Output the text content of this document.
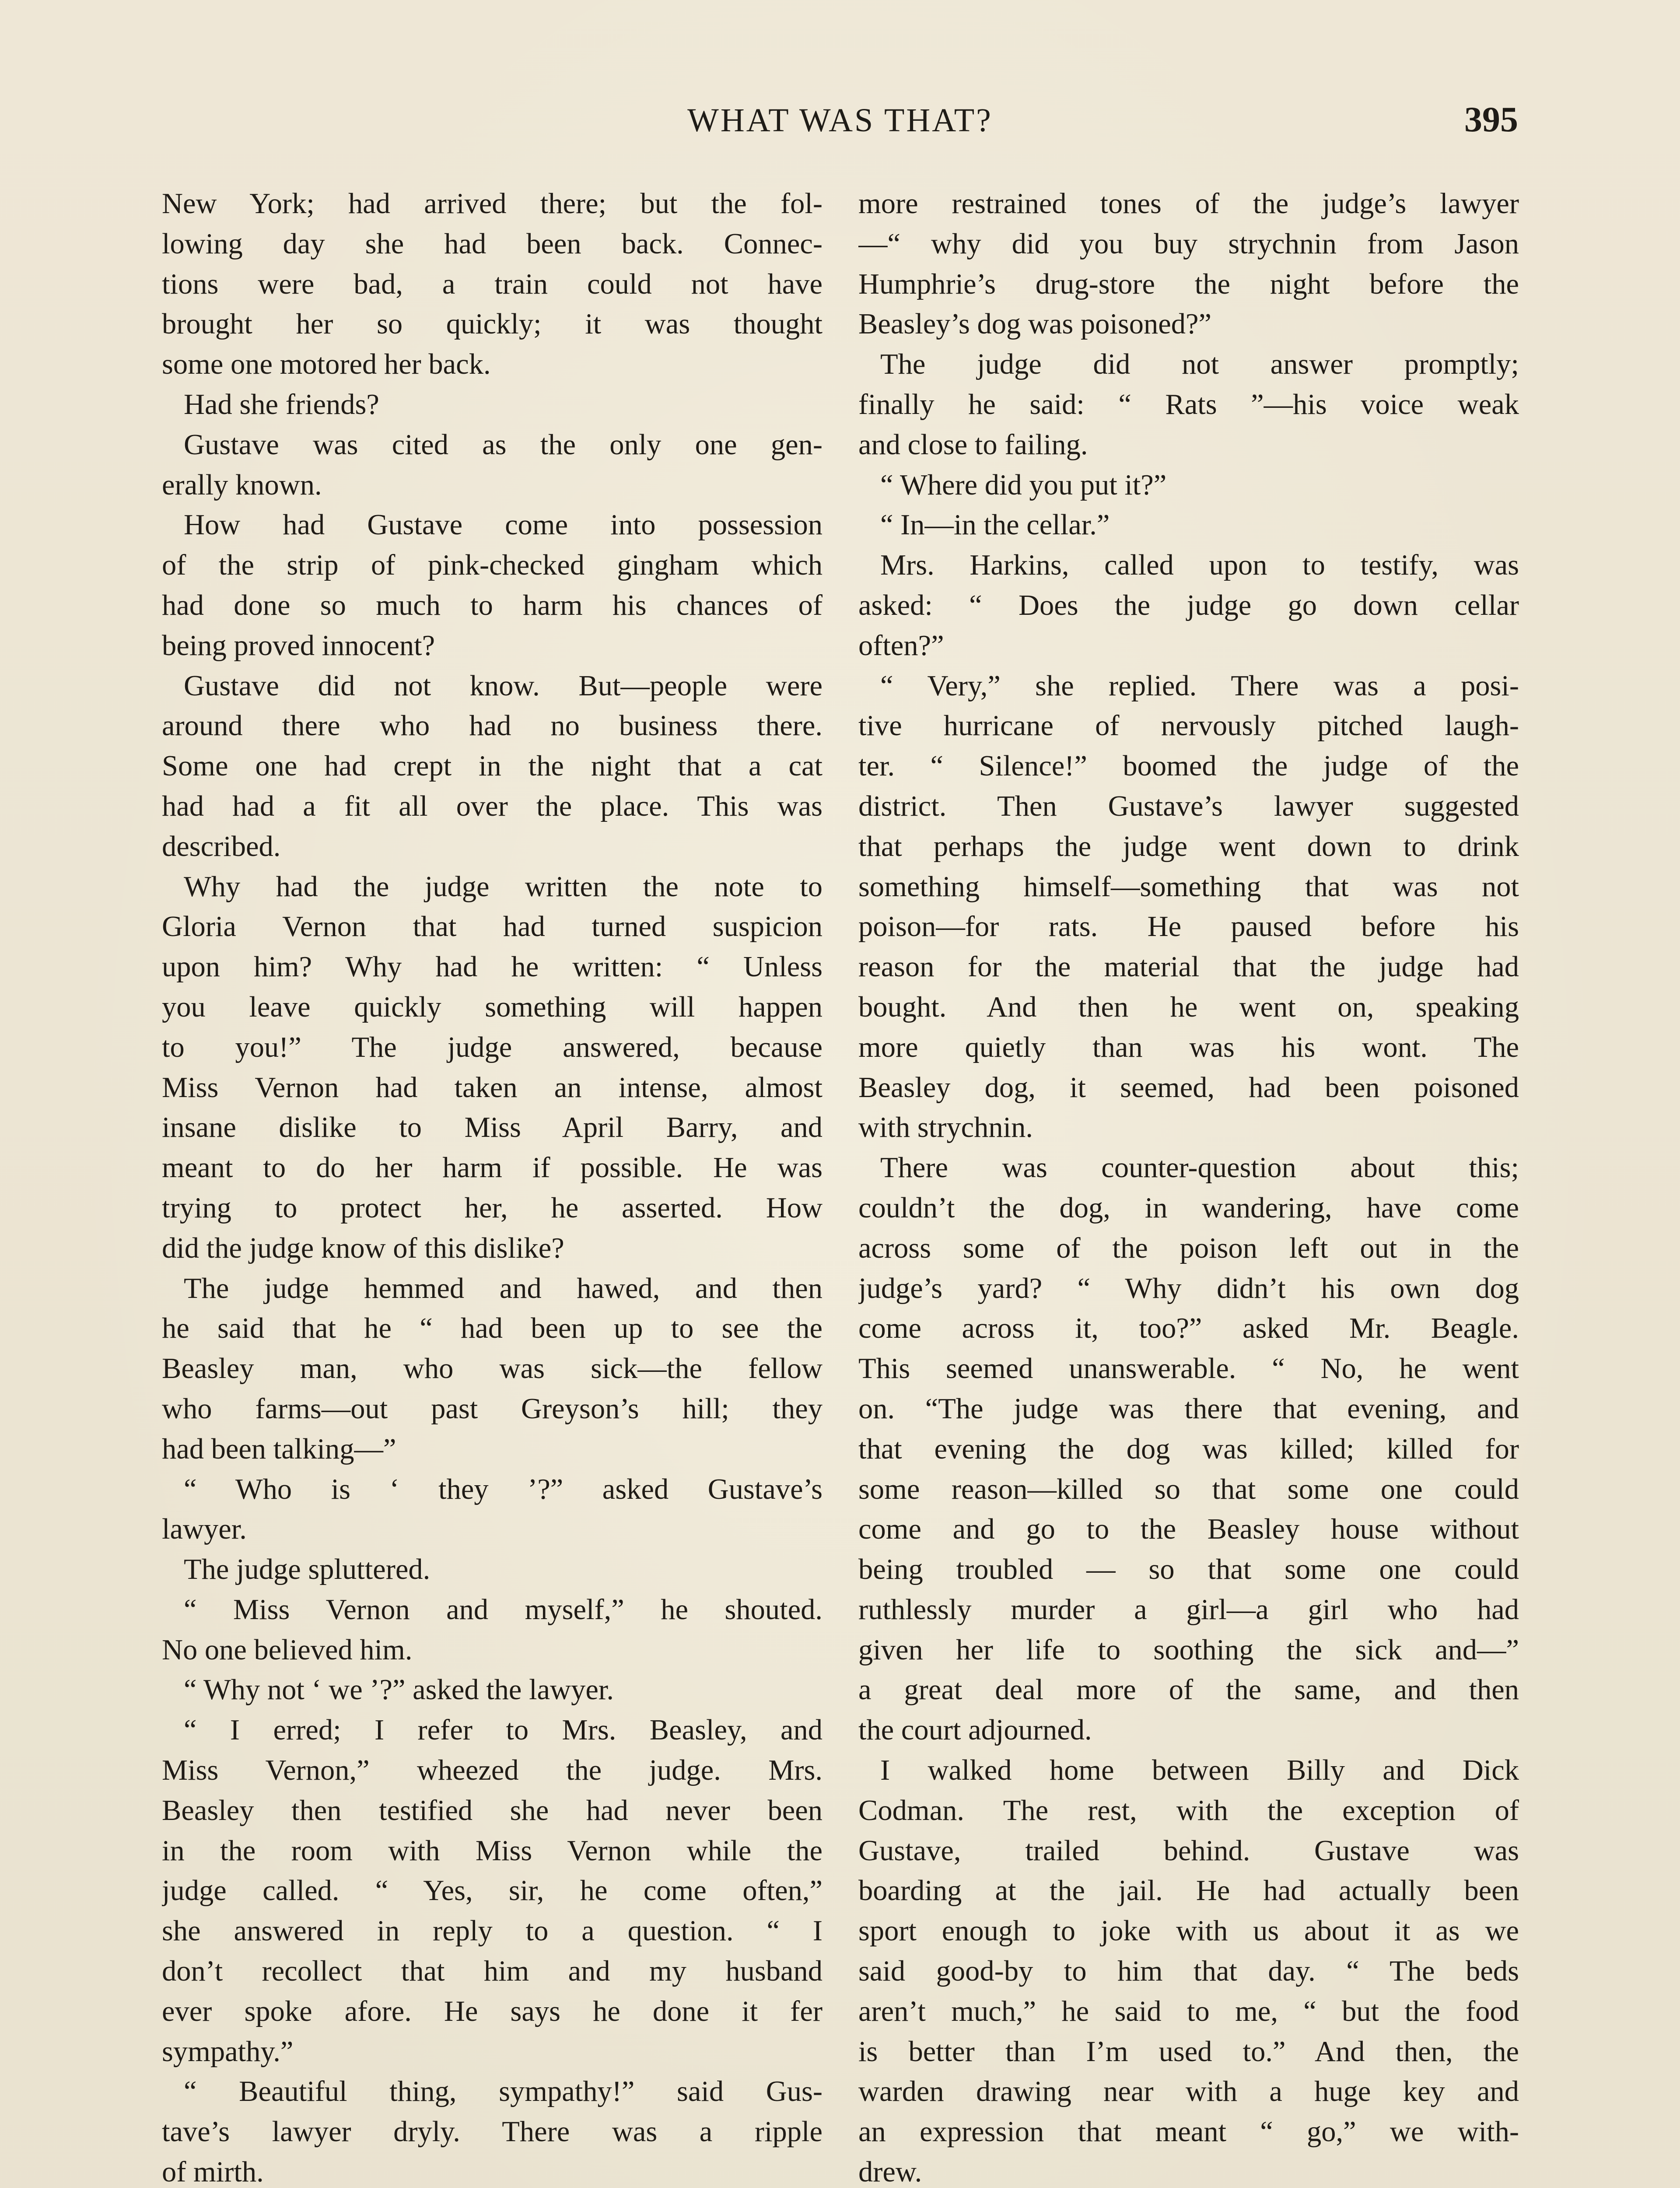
WHAT WAS THAT?	395
New York; had arrived there; but the fol-
lowing day she had been back. Connec-
tions were bad, a train could not have
brought her so quickly; it was thought
some one motored her back.
Had she friends?
Gustave was cited as the only one gen-
erally known.
How had Gustave come into possession
of the strip of pink-checked gingham which
had done so much to harm his chances of
being proved innocent?
Gustave did not know. But—people were
around there who had no business there.
Some one had crept in the night that a cat
had had a fit all over the place. This was
described.
Why had the judge written the note to
Gloria Vernon that had turned suspicion
upon him? Why had he written: “ Unless
you leave quickly something will happen
to you!” The judge answered, because
Miss Vernon had taken an intense, almost
insane dislike to Miss April Barry, and
meant to do her harm if possible. He was
trying to protect her, he asserted. How
did the judge know of this dislike?
The judge hemmed and hawed, and then
he said that he “ had been up to see the
Beasley man, who was sick—the fellow
who farms—out past Greyson’s hill; they
had been talking—”
“ Who is ‘ they ’?” asked Gustave’s
lawyer.
The judge spluttered.
“ Miss Vernon and myself,” he shouted.
No one believed him.
“ Why not ‘ we ’?” asked the lawyer.
“ I erred; I refer to Mrs. Beasley, and
Miss Vernon,” wheezed the judge. Mrs.
Beasley then testified she had never been
in the room with Miss Vernon while the
judge called. “ Yes, sir, he come often,”
she answered in reply to a question. “ I
don’t recollect that him and my husband
ever spoke afore. He says he done it fer
sympathy.”
“ Beautiful thing, sympathy!” said Gus-
tave’s lawyer dryly. There was a ripple
of mirth.
more restrained tones of the judge’s lawyer
—“ why did you buy strychnin from Jason
Humphrie’s drug-store the night before the
Beasley’s dog was poisoned?”
The judge did not answer promptly;
finally he said: “ Rats ”—his voice weak
and close to failing.
“ Where did you put it?”
“ In—in the cellar.”
Mrs. Harkins, called upon to testify, was
asked: “ Does the judge go down cellar
often?”
“ Very,” she replied. There was a posi-
tive hurricane of nervously pitched laugh-
ter. “ Silence!” boomed the judge of the
district. Then Gustave’s lawyer suggested
that perhaps the judge went down to drink
something himself—something that was not
poison—for rats. He paused before his
reason for the material that the judge had
bought. And then he went on, speaking
more quietly than was his wont. The
Beasley dog, it seemed, had been poisoned
with strychnin.
There was counter-question about this;
couldn’t the dog, in wandering, have come
across some of the poison left out in the
judge’s yard? “ Why didn’t his own dog
come across it, too?” asked Mr. Beagle.
This seemed unanswerable. “ No, he went
on. “The judge was there that evening, and
that evening the dog was killed; killed for
some reason—killed so that some one could
come and go to the Beasley house without
being troubled — so that some one could
ruthlessly murder a girl—a girl who had
given her life to soothing the sick and—”
a great deal more of the same, and then
the court adjourned.
I walked home between Billy and Dick
Codman. The rest, with the exception of
Gustave, trailed behind. Gustave was
boarding at the jail. He had actually been
sport enough to joke with us about it as we
said good-by to him that day. “ The beds
aren’t much,” he said to me, “ but the food
is better than I’m used to.” And then, the
warden drawing near with a huge key and
an expression that meant “ go,” we with-
drew.
